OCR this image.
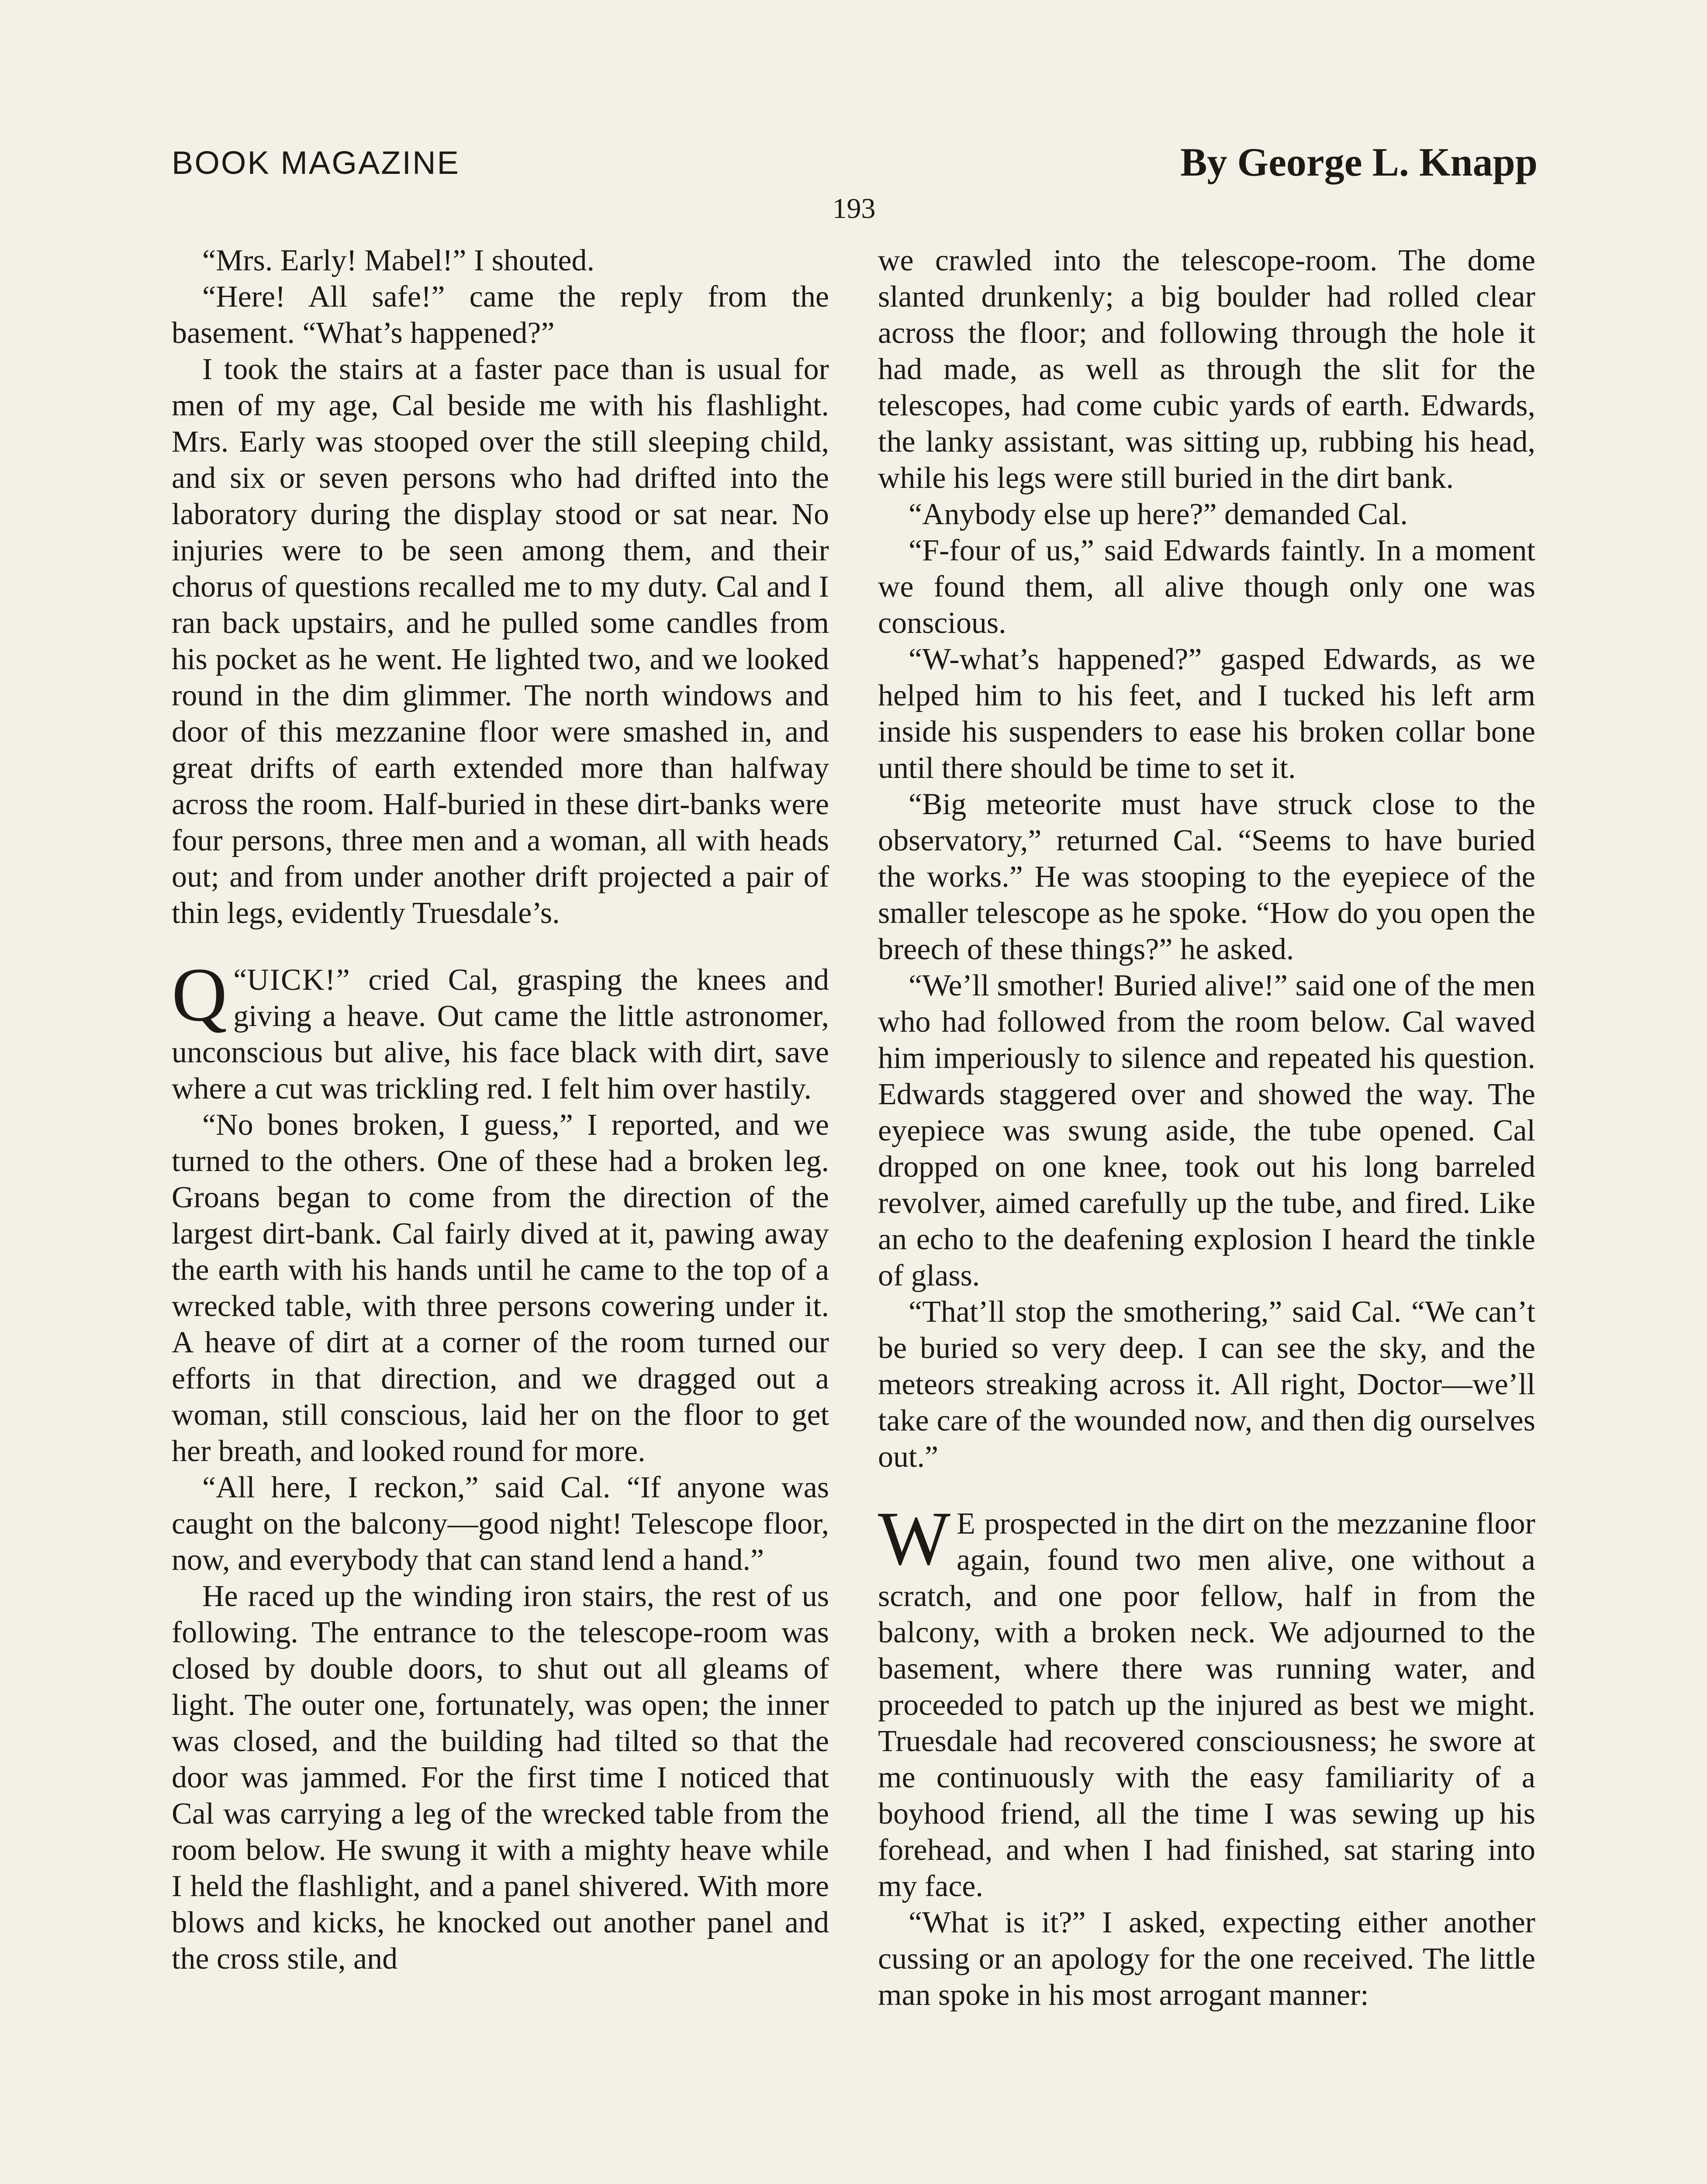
BOOK MAGAZINE	By George L. Knapp
193

“Mrs. Early! Mabel!” I shouted.

“Here! All safe!” came the reply from the basement. “What’s happened?”

I took the stairs at a faster pace than is usual for men of my age, Cal beside me with his flashlight. Mrs. Early was stooped over the still sleeping child, and six or seven persons who had drifted into the laboratory during the display stood or sat near. No injuries were to be seen among them, and their chorus of questions recalled me to my duty. Cal and I ran back upstairs, and he pulled some candles from his pocket as he went. He lighted two, and we looked round in the dim glimmer. The north windows and door of this mezzanine floor were smashed in, and great drifts of earth extended more than halfway across the room. Half-buried in these dirt-banks were four persons, three men and a woman, all with heads out; and from under another drift projected a pair of thin legs, evidently Truesdale’s.

“
Q UICK!” cried Cal, grasping the knees and giving a heave. Out came the little astronomer, unconscious but alive, his face black with dirt, save where a cut was trickling red. I felt him over hastily.

“No bones broken, I guess,” I reported, and we turned to the others. One of these had a broken leg. Groans began to come from the direction of the largest dirt-bank. Cal fairly dived at it, pawing away the earth with his hands until he came to the top of a wrecked table, with three persons cowering under it. A heave of dirt at a corner of the room turned our efforts in that direction, and we dragged out a woman, still conscious, laid her on the floor to get her breath, and looked round for more.

“All here, I reckon,” said Cal. “If anyone was caught on the balcony—good night! Telescope floor, now, and everybody that can stand lend a hand.”

He raced up the winding iron stairs, the rest of us following. The entrance to the telescope-room was closed by double doors, to shut out all gleams of light. The outer one, fortunately, was open; the inner was closed, and the building had tilted so that the door was jammed. For the first time I noticed that Cal was carrying a leg of the wrecked table from the room below. He swung it with a mighty heave while I held the flashlight, and a panel shivered. With more blows and kicks, he knocked out another panel and the cross stile, and

we crawled into the telescope-room. The dome slanted drunkenly; a big boulder had rolled clear across the floor; and following through the hole it had made, as well as through the slit for the telescopes, had come cubic yards of earth. Edwards, the lanky assistant, was sitting up, rubbing his head, while his legs were still buried in the dirt bank.

“Anybody else up here?” demanded Cal.

“F-four of us,” said Edwards faintly. In a moment we found them, all alive though only one was conscious.

“W-what’s happened?” gasped Edwards, as we helped him to his feet, and I tucked his left arm inside his suspenders to ease his broken collar bone until there should be time to set it.

“Big meteorite must have struck close to the observatory,” returned Cal. “Seems to have buried the works.” He was stooping to the eyepiece of the smaller telescope as he spoke. “How do you open the breech of these things?” he asked.

“We’ll smother! Buried alive!” said one of the men who had followed from the room below. Cal waved him imperiously to silence and repeated his question. Edwards staggered over and showed the way. The eyepiece was swung aside, the tube opened. Cal dropped on one knee, took out his long barreled revolver, aimed carefully up the tube, and fired. Like an echo to the deafening explosion I heard the tinkle of glass.

“That’ll stop the smothering,” said Cal. “We can’t be buried so very deep. I can see the sky, and the meteors streaking across it. All right, Doctor—we’ll take care of the wounded now, and then dig ourselves out.”

W E prospected in the dirt on the mezzanine floor again, found two men alive, one without a scratch, and one poor fellow, half in from the balcony, with a broken neck. We adjourned to the basement, where there was running water, and proceeded to patch up the injured as best we might. Truesdale had recovered consciousness; he swore at me continuously with the easy familiarity of a boyhood friend, all the time I was sewing up his forehead, and when I had finished, sat staring into my face.

“What is it?” I asked, expecting either another cussing or an apology for the one received. The little man spoke in his most arrogant manner:
